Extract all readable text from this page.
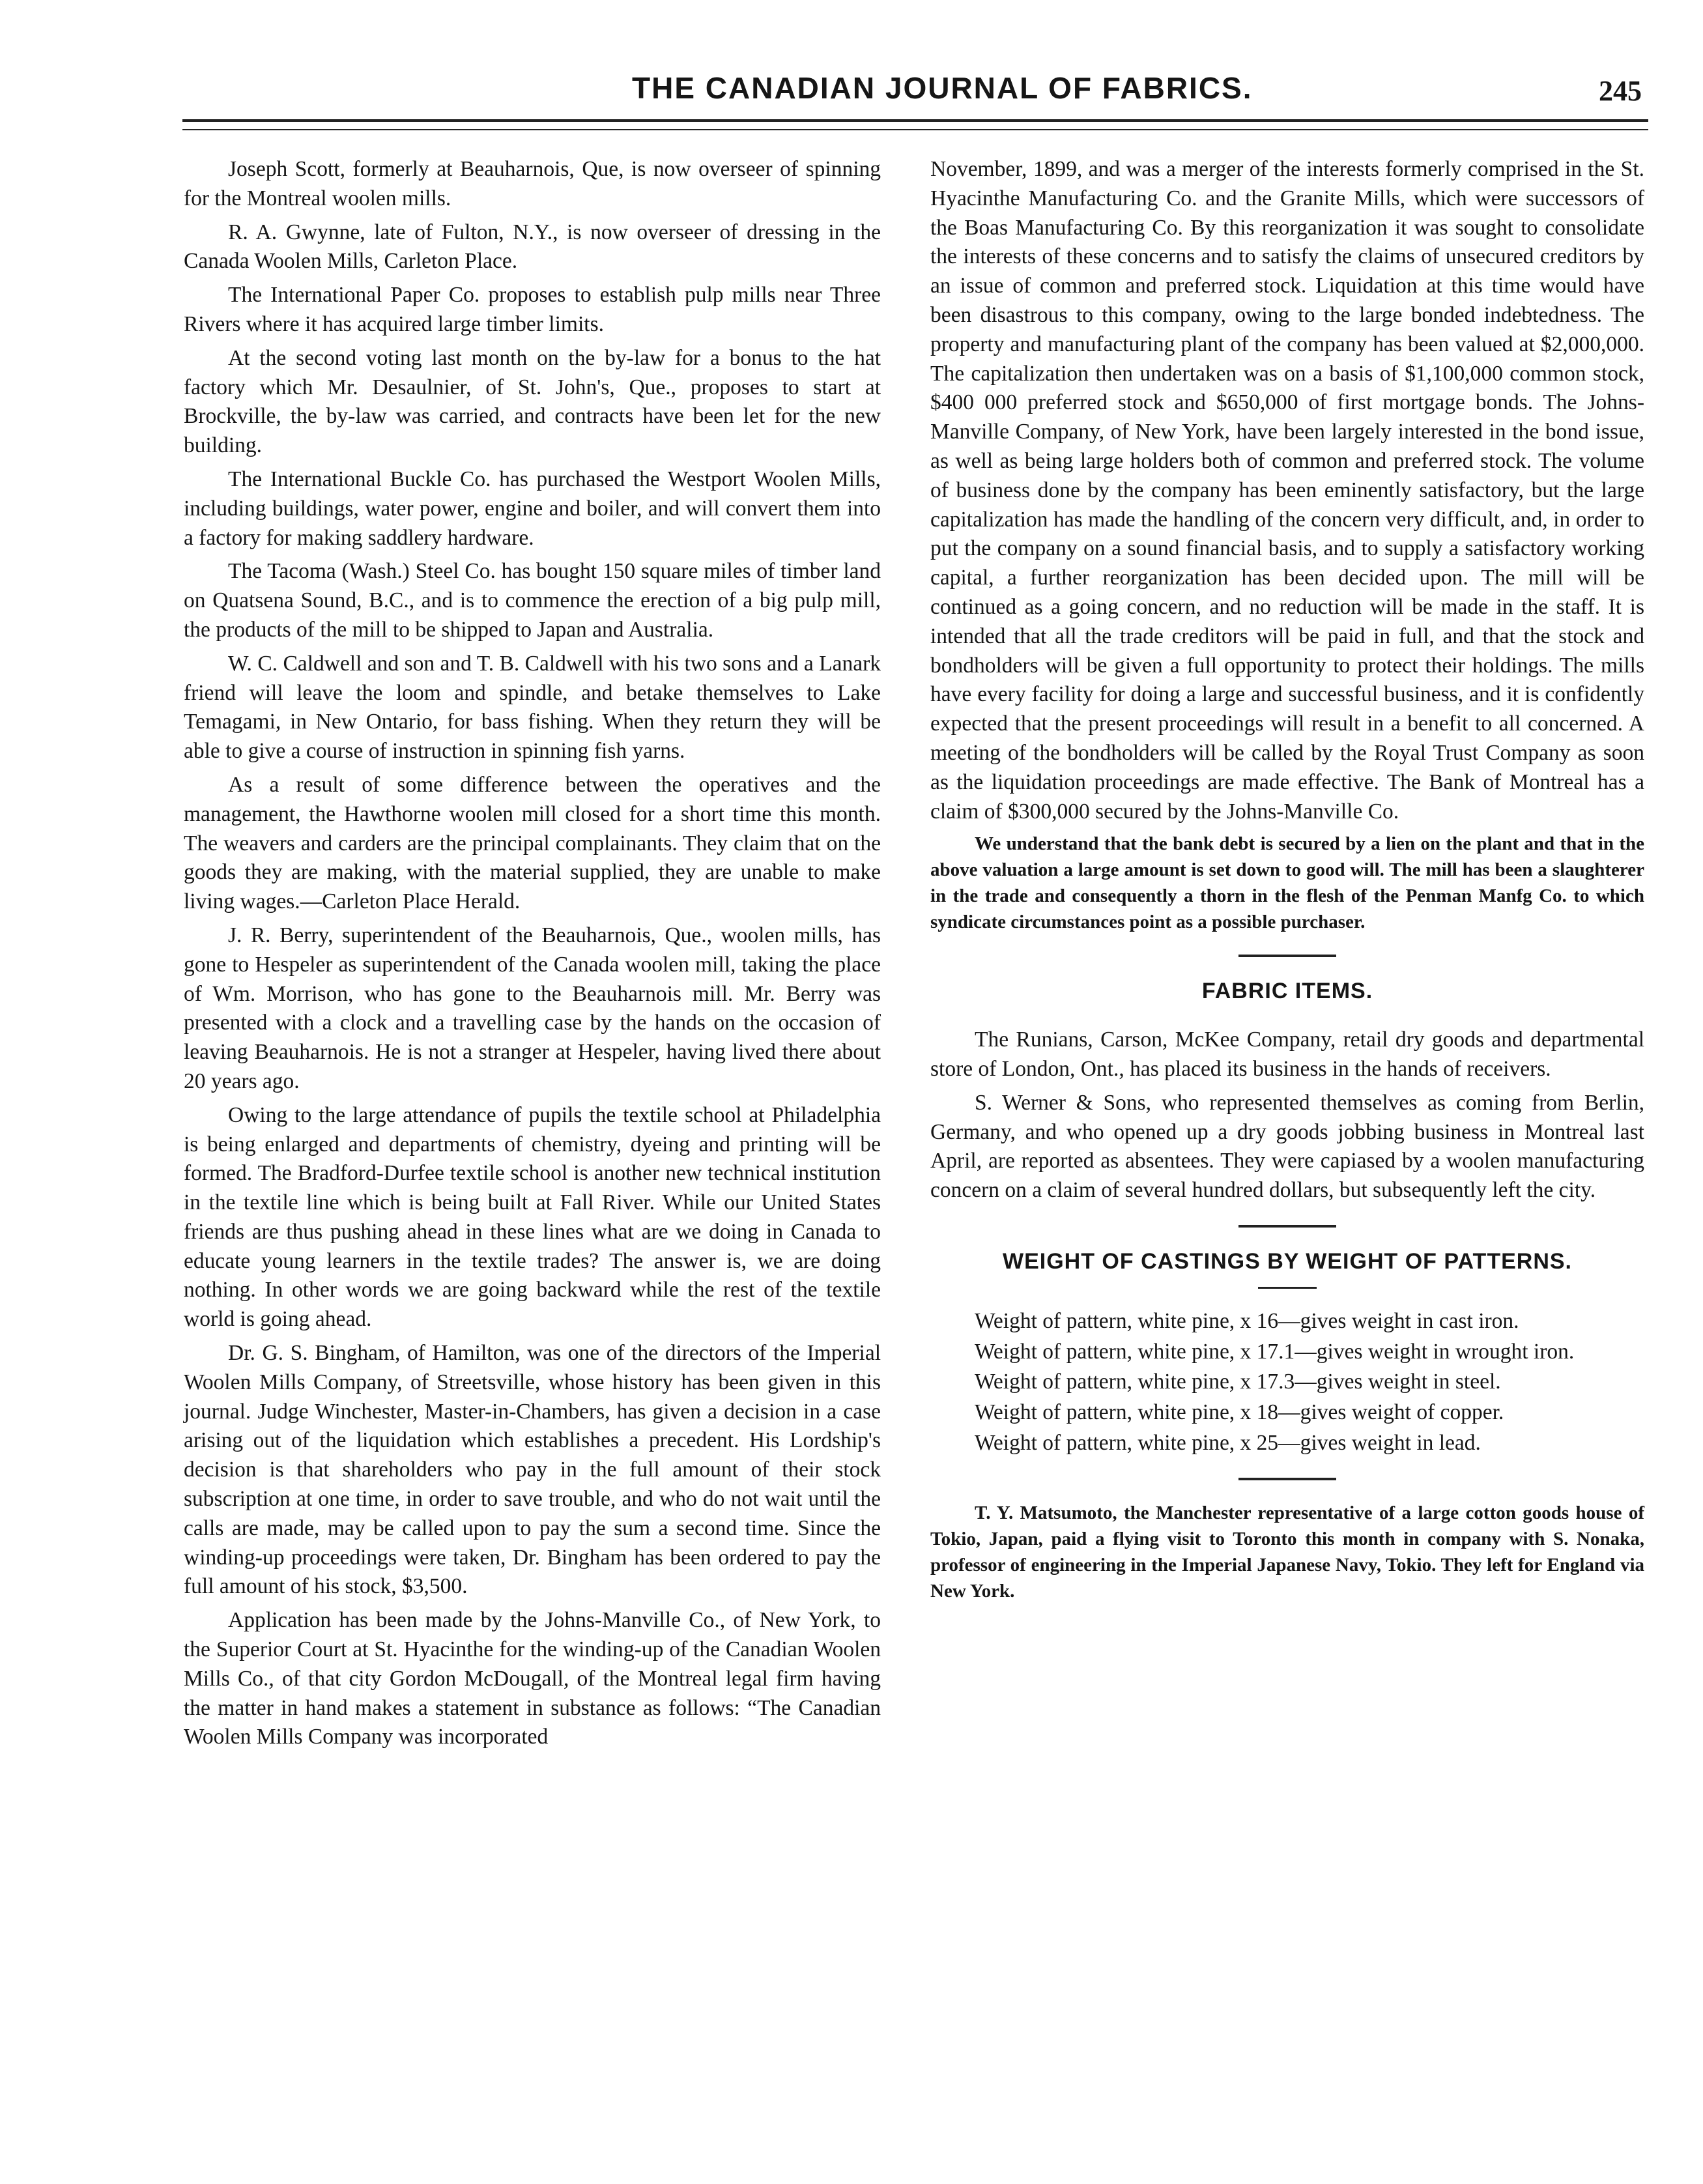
THE CANADIAN JOURNAL OF FABRICS.	245

Joseph Scott, formerly at Beauharnois, Que, is now overseer of spinning for the Montreal woolen mills.

R. A. Gwynne, late of Fulton, N.Y., is now overseer of dressing in the Canada Woolen Mills, Carleton Place.

The International Paper Co. proposes to establish pulp mills near Three Rivers where it has acquired large timber limits.

At the second voting last month on the by-law for a bonus to the hat factory which Mr. Desaulnier, of St. John's, Que., proposes to start at Brockville, the by-law was carried, and contracts have been let for the new building.

The International Buckle Co. has purchased the Westport Woolen Mills, including buildings, water power, engine and boiler, and will convert them into a factory for making saddlery hardware.

The Tacoma (Wash.) Steel Co. has bought 150 square miles of timber land on Quatsena Sound, B.C., and is to commence the erection of a big pulp mill, the products of the mill to be shipped to Japan and Australia.

W. C. Caldwell and son and T. B. Caldwell with his two sons and a Lanark friend will leave the loom and spindle, and betake themselves to Lake Temagami, in New Ontario, for bass fishing. When they return they will be able to give a course of instruction in spinning fish yarns.

As a result of some difference between the operatives and the management, the Hawthorne woolen mill closed for a short time this month. The weavers and carders are the principal complainants. They claim that on the goods they are making, with the material supplied, they are unable to make living wages.—Carleton Place Herald.

J. R. Berry, superintendent of the Beauharnois, Que., woolen mills, has gone to Hespeler as superintendent of the Canada woolen mill, taking the place of Wm. Morrison, who has gone to the Beauharnois mill. Mr. Berry was presented with a clock and a travelling case by the hands on the occasion of leaving Beauharnois. He is not a stranger at Hespeler, having lived there about 20 years ago.

Owing to the large attendance of pupils the textile school at Philadelphia is being enlarged and departments of chemistry, dyeing and printing will be formed. The Bradford-Durfee textile school is another new technical institution in the textile line which is being built at Fall River. While our United States friends are thus pushing ahead in these lines what are we doing in Canada to educate young learners in the textile trades? The answer is, we are doing nothing. In other words we are going backward while the rest of the textile world is going ahead.

Dr. G. S. Bingham, of Hamilton, was one of the directors of the Imperial Woolen Mills Company, of Streetsville, whose history has been given in this journal. Judge Winchester, Master-in-Chambers, has given a decision in a case arising out of the liquidation which establishes a precedent. His Lordship's decision is that shareholders who pay in the full amount of their stock subscription at one time, in order to save trouble, and who do not wait until the calls are made, may be called upon to pay the sum a second time. Since the winding-up proceedings were taken, Dr. Bingham has been ordered to pay the full amount of his stock, $3,500.

Application has been made by the Johns-Manville Co., of New York, to the Superior Court at St. Hyacinthe for the winding-up of the Canadian Woolen Mills Co., of that city Gordon McDougall, of the Montreal legal firm having the matter in hand makes a statement in substance as follows: “The Canadian Woolen Mills Company was incorporated

November, 1899, and was a merger of the interests formerly comprised in the St. Hyacinthe Manufacturing Co. and the Granite Mills, which were successors of the Boas Manufacturing Co. By this reorganization it was sought to consolidate the interests of these concerns and to satisfy the claims of unsecured creditors by an issue of common and preferred stock. Liquidation at this time would have been disastrous to this company, owing to the large bonded indebtedness. The property and manufacturing plant of the company has been valued at $2,000,000. The capitalization then undertaken was on a basis of $1,100,000 common stock, $400 000 preferred stock and $650,000 of first mortgage bonds. The Johns-Manville Company, of New York, have been largely interested in the bond issue, as well as being large holders both of common and preferred stock. The volume of business done by the company has been eminently satisfactory, but the large capitalization has made the handling of the concern very difficult, and, in order to put the company on a sound financial basis, and to supply a satisfactory working capital, a further reorganization has been decided upon. The mill will be continued as a going concern, and no reduction will be made in the staff. It is intended that all the trade creditors will be paid in full, and that the stock and bondholders will be given a full opportunity to protect their holdings. The mills have every facility for doing a large and successful business, and it is confidently expected that the present proceedings will result in a benefit to all concerned. A meeting of the bondholders will be called by the Royal Trust Company as soon as the liquidation proceedings are made effective. The Bank of Montreal has a claim of $300,000 secured by the Johns-Manville Co.

We understand that the bank debt is secured by a lien on the plant and that in the above valuation a large amount is set down to good will. The mill has been a slaughterer in the trade and consequently a thorn in the flesh of the Penman Manfg Co. to which syndicate circumstances point as a possible purchaser.

FABRIC ITEMS.

The Runians, Carson, McKee Company, retail dry goods and departmental store of London, Ont., has placed its business in the hands of receivers.

S. Werner & Sons, who represented themselves as coming from Berlin, Germany, and who opened up a dry goods jobbing business in Montreal last April, are reported as absentees. They were capiased by a woolen manufacturing concern on a claim of several hundred dollars, but subsequently left the city.

WEIGHT OF CASTINGS BY WEIGHT OF PATTERNS.

Weight of pattern, white pine, x 16—gives weight in cast iron.

Weight of pattern, white pine, x 17.1—gives weight in wrought iron.

Weight of pattern, white pine, x 17.3—gives weight in steel.

Weight of pattern, white pine, x 18—gives weight of copper.

Weight of pattern, white pine, x 25—gives weight in lead.

T. Y. Matsumoto, the Manchester representative of a large cotton goods house of Tokio, Japan, paid a flying visit to Toronto this month in company with S. Nonaka, professor of engineering in the Imperial Japanese Navy, Tokio. They left for England via New York.
